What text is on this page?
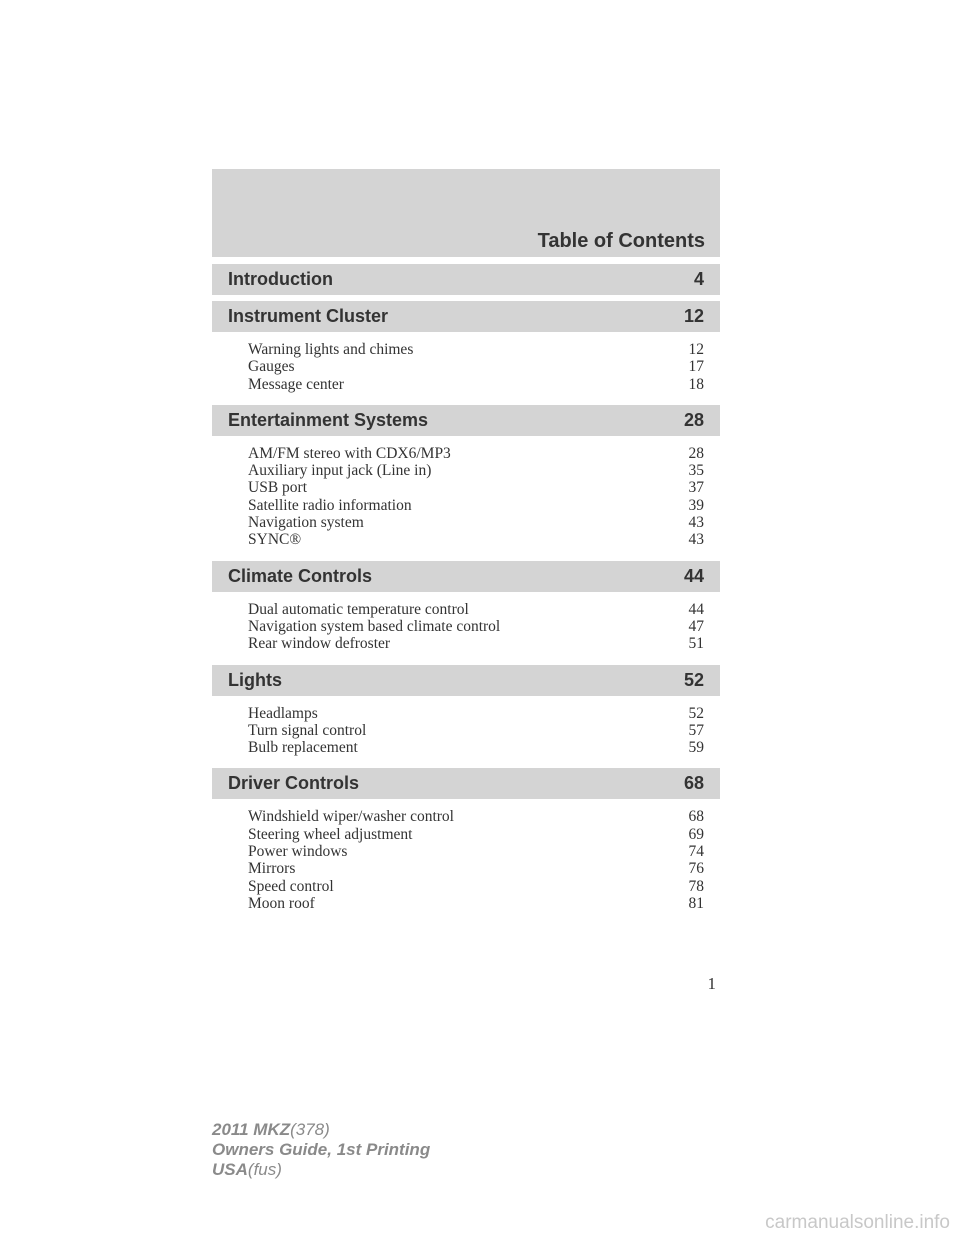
Table of Contents
Introduction	4
Instrument Cluster	12
Warning lights and chimes	12
Gauges	17
Message center	18
Entertainment Systems	28
AM/FM stereo with CDX6/MP3	28
Auxiliary input jack (Line in)	35
USB port	37
Satellite radio information	39
Navigation system	43
SYNC®	43
Climate Controls	44
Dual automatic temperature control	44
Navigation system based climate control	47
Rear window defroster	51
Lights	52
Headlamps	52
Turn signal control	57
Bulb replacement	59
Driver Controls	68
Windshield wiper/washer control	68
Steering wheel adjustment	69
Power windows	74
Mirrors	76
Speed control	78
Moon roof	81
1
2011 MKZ(378)
Owners Guide, 1st Printing
USA(fus)
carmanualsonline.info
